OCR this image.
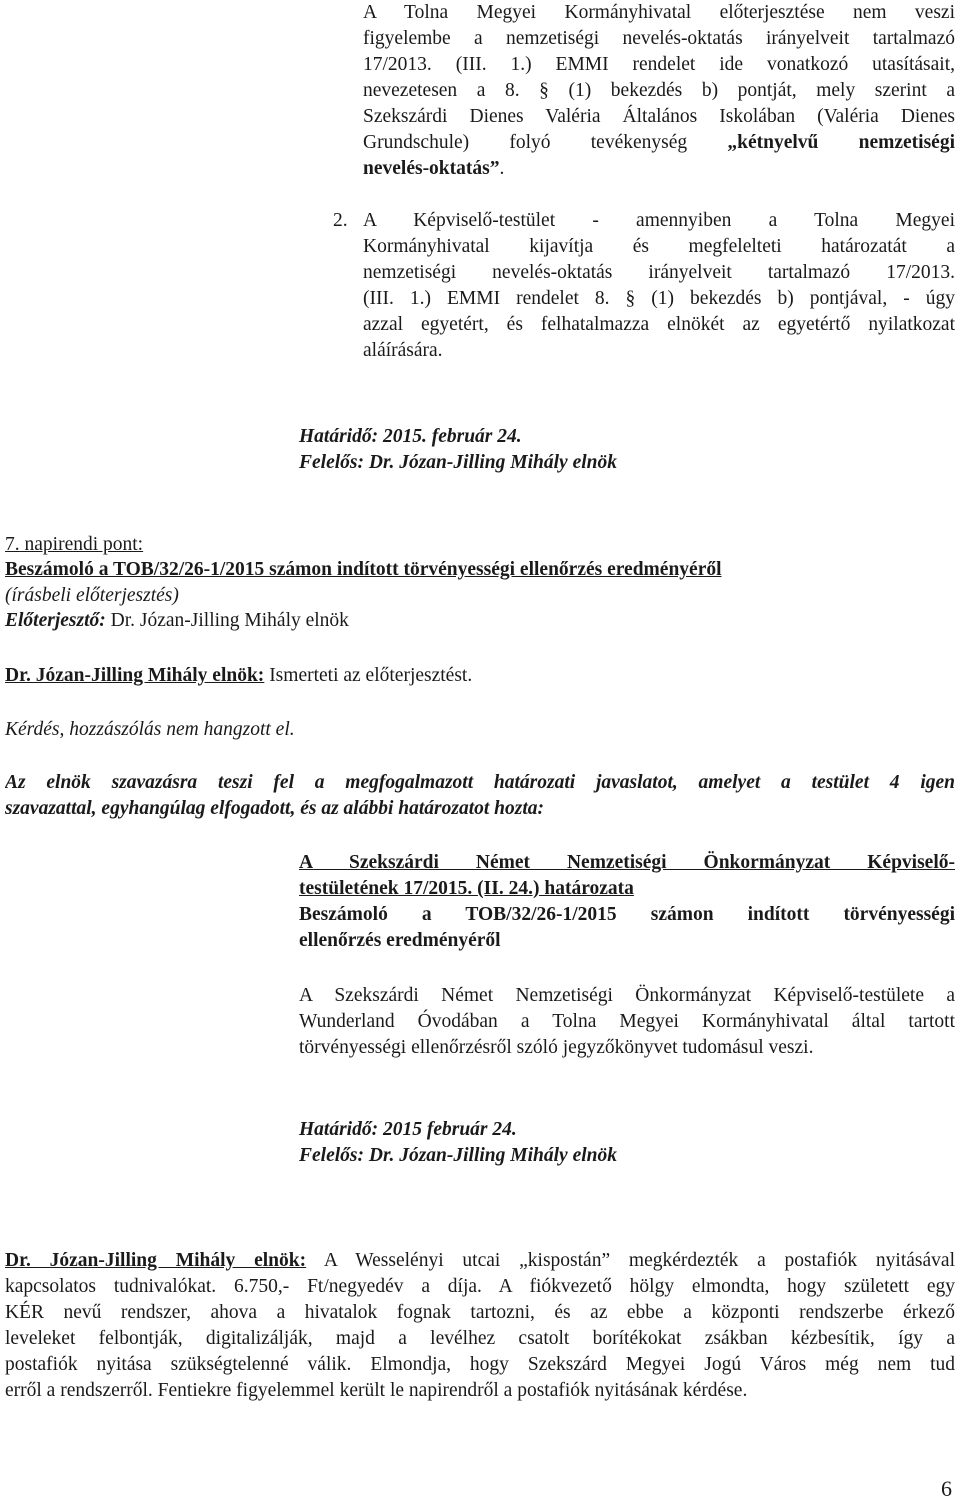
A Tolna Megyei Kormányhivatal előterjesztése nem veszi
figyelembe a nemzetiségi nevelés-oktatás irányelveit tartalmazó
17/2013. (III. 1.) EMMI rendelet ide vonatkozó utasításait,
nevezetesen a 8. § (1) bekezdés b) pontját, mely szerint a
Szekszárdi Dienes Valéria Általános Iskolában (Valéria Dienes
Grundschule) folyó tevékenység „kétnyelvű nemzetiségi
nevelés-oktatás”.
2. A Képviselő-testület - amennyiben a Tolna Megyei
Kormányhivatal kijavítja és megfelelteti határozatát a
nemzetiségi nevelés-oktatás irányelveit tartalmazó 17/2013.
(III. 1.) EMMI rendelet 8. § (1) bekezdés b) pontjával, - úgy
azzal egyetért, és felhatalmazza elnökét az egyetértő nyilatkozat
aláírására.
Határidő: 2015. február 24.
Felelős: Dr. Józan-Jilling Mihály elnök
7. napirendi pont:
Beszámoló a TOB/32/26-1/2015 számon indított törvényességi ellenőrzés eredményéről
(írásbeli előterjesztés)
Előterjesztő: Dr. Józan-Jilling Mihály elnök
Dr. Józan-Jilling Mihály elnök: Ismerteti az előterjesztést.
Kérdés, hozzászólás nem hangzott el.
Az elnök szavazásra teszi fel a megfogalmazott határozati javaslatot, amelyet a testület 4 igen
szavazattal, egyhangúlag elfogadott, és az alábbi határozatot hozta:
A Szekszárdi Német Nemzetiségi Önkormányzat Képviselő-
testületének 17/2015. (II. 24.) határozata
Beszámoló a TOB/32/26-1/2015 számon indított törvényességi
ellenőrzés eredményéről
A Szekszárdi Német Nemzetiségi Önkormányzat Képviselő-testülete a
Wunderland Óvodában a Tolna Megyei Kormányhivatal által tartott
törvényességi ellenőrzésről szóló jegyzőkönyvet tudomásul veszi.
Határidő: 2015 február 24.
Felelős: Dr. Józan-Jilling Mihály elnök
Dr. Józan-Jilling Mihály elnök: A Wesselényi utcai „kispostán” megkérdezték a postafiók nyitásával
kapcsolatos tudnivalókat. 6.750,- Ft/negyedév a díja. A fiókvezető hölgy elmondta, hogy született egy
KÉR nevű rendszer, ahova a hivatalok fognak tartozni, és az ebbe a központi rendszerbe érkező
leveleket felbontják, digitalizálják, majd a levélhez csatolt borítékokat zsákban kézbesítik, így a
postafiók nyitása szükségtelenné válik. Elmondja, hogy Szekszárd Megyei Jogú Város még nem tud
erről a rendszerről. Fentiekre figyelemmel került le napirendről a postafiók nyitásának kérdése.
6
